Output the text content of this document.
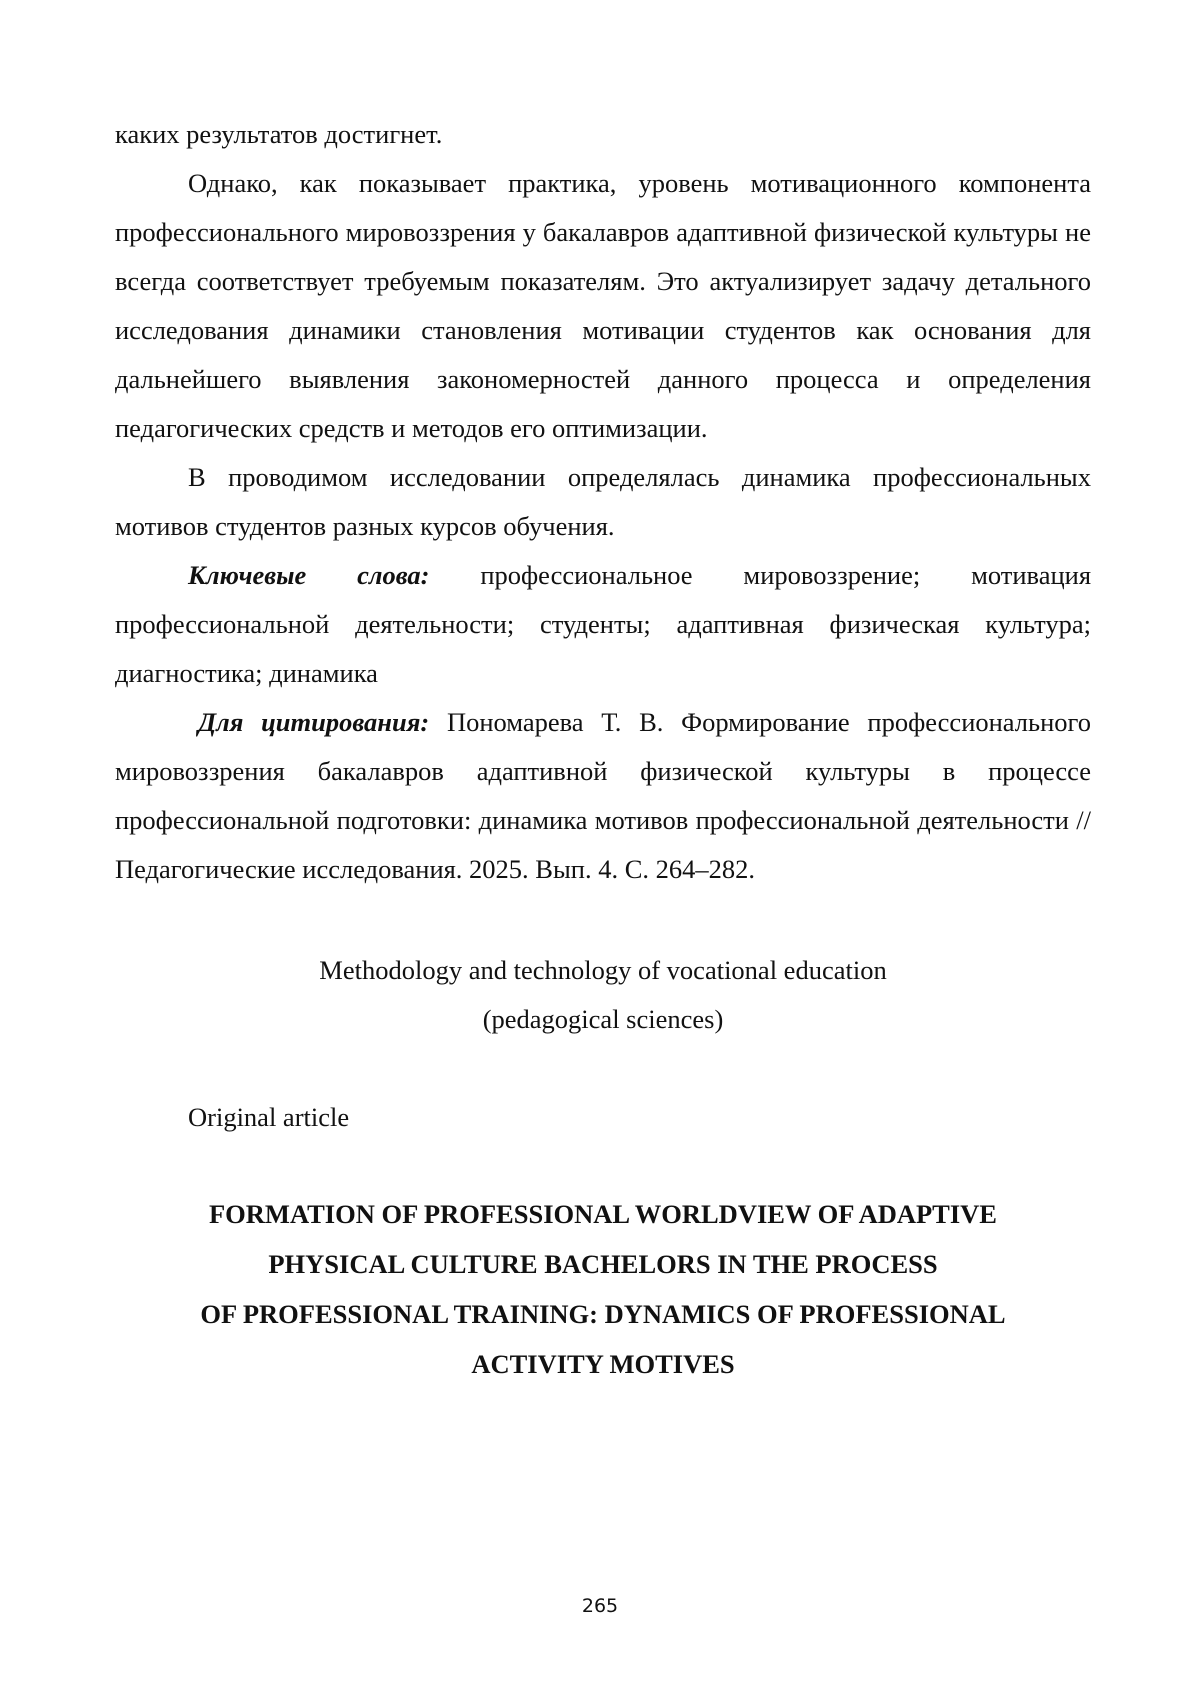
каких результатов достигнет.

Однако, как показывает практика, уровень мотивационного компонента профессионального мировоззрения у бакалавров адаптивной физической культуры не всегда соответствует требуемым показателям. Это актуализирует задачу детального исследования динамики становления мотивации студентов как основания для дальнейшего выявления закономерностей данного процесса и определения педагогических средств и методов его оптимизации.

В проводимом исследовании определялась динамика профессиональных мотивов студентов разных курсов обучения.

Ключевые слова: профессиональное мировоззрение; мотивация профессиональной деятельности; студенты; адаптивная физическая культура; диагностика; динамика

Для цитирования: Пономарева Т. В. Формирование профессионального мировоззрения бакалавров адаптивной физической культуры в процессе профессиональной подготовки: динамика мотивов профессиональной деятельности // Педагогические исследования. 2025. Вып. 4. С. 264–282.

Methodology and technology of vocational education
(pedagogical sciences)
Original article
FORMATION OF PROFESSIONAL WORLDVIEW OF ADAPTIVE
PHYSICAL CULTURE BACHELORS IN THE PROCESS
OF PROFESSIONAL TRAINING: DYNAMICS OF PROFESSIONAL
ACTIVITY MOTIVES
265
